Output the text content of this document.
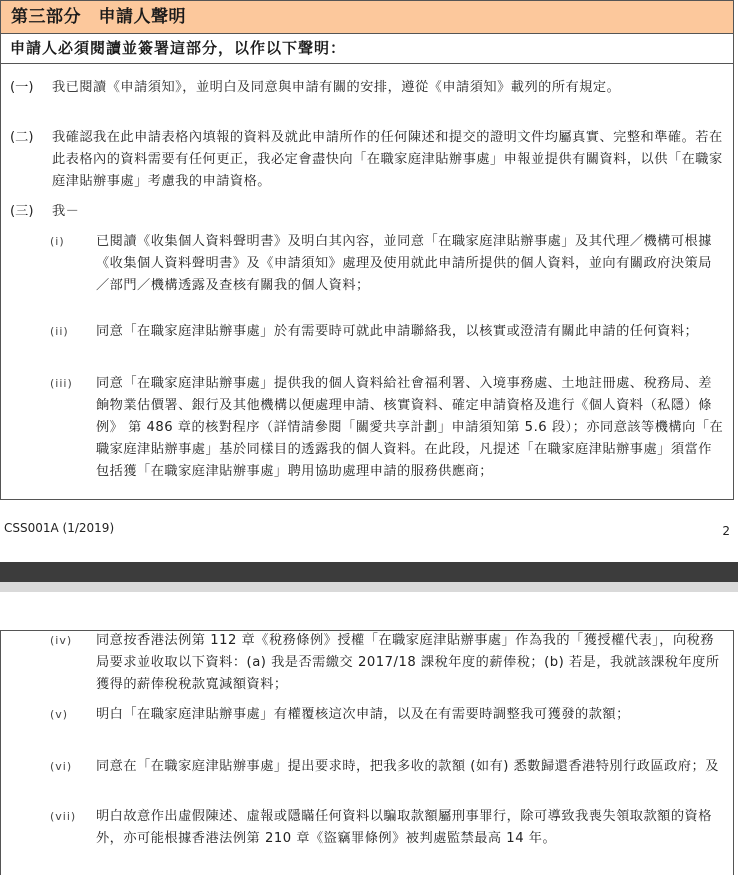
第三部分　申請人聲明
申請人必須閱讀並簽署這部分，以作以下聲明：
(一) 我已閱讀《申請須知》，並明白及同意與申請有關的安排，遵從《申請須知》載列的所有規定。
(二) 我確認我在此申請表格內填報的資料及就此申請所作的任何陳述和提交的證明文件均屬真實、完整和準確。若在此表格內的資料需要有任何更正，我必定會盡快向「在職家庭津貼辦事處」申報並提供有關資料，以供「在職家庭津貼辦事處」考慮我的申請資格。
(三) 我－
(i) 已閱讀《收集個人資料聲明書》及明白其內容，並同意「在職家庭津貼辦事處」及其代理／機構可根據《收集個人資料聲明書》及《申請須知》處理及使用就此申請所提供的個人資料，並向有關政府決策局／部門／機構透露及查核有關我的個人資料；
(ii) 同意「在職家庭津貼辦事處」於有需要時可就此申請聯絡我，以核實或澄清有關此申請的任何資料；
(iii) 同意「在職家庭津貼辦事處」提供我的個人資料給社會福利署、入境事務處、土地註冊處、稅務局、差餉物業估價署、銀行及其他機構以便處理申請、核實資料、確定申請資格及進行《個人資料（私隱）條例》 第 486 章的核對程序（詳情請參閱「關愛共享計劃」申請須知第 5.6 段）；亦同意該等機構向「在職家庭津貼辦事處」基於同樣目的透露我的個人資料。在此段，凡提述「在職家庭津貼辦事處」須當作包括獲「在職家庭津貼辦事處」聘用協助處理申請的服務供應商；
CSS001A (1/2019)	2
(iv) 同意按香港法例第 112 章《稅務條例》授權「在職家庭津貼辦事處」作為我的「獲授權代表」，向稅務局要求並收取以下資料：(a) 我是否需繳交 2017/18 課稅年度的薪俸稅；(b) 若是，我就該課稅年度所獲得的薪俸稅稅款寬減額資料；
(v) 明白「在職家庭津貼辦事處」有權覆核這次申請，以及在有需要時調整我可獲發的款額；
(vi) 同意在「在職家庭津貼辦事處」提出要求時，把我多收的款額 (如有) 悉數歸還香港特別行政區政府；及
(vii) 明白故意作出虛假陳述、虛報或隱瞞任何資料以騙取款額屬刑事罪行，除可導致我喪失領取款額的資格外，亦可能根據香港法例第 210 章《盜竊罪條例》被判處監禁最高 14 年。
